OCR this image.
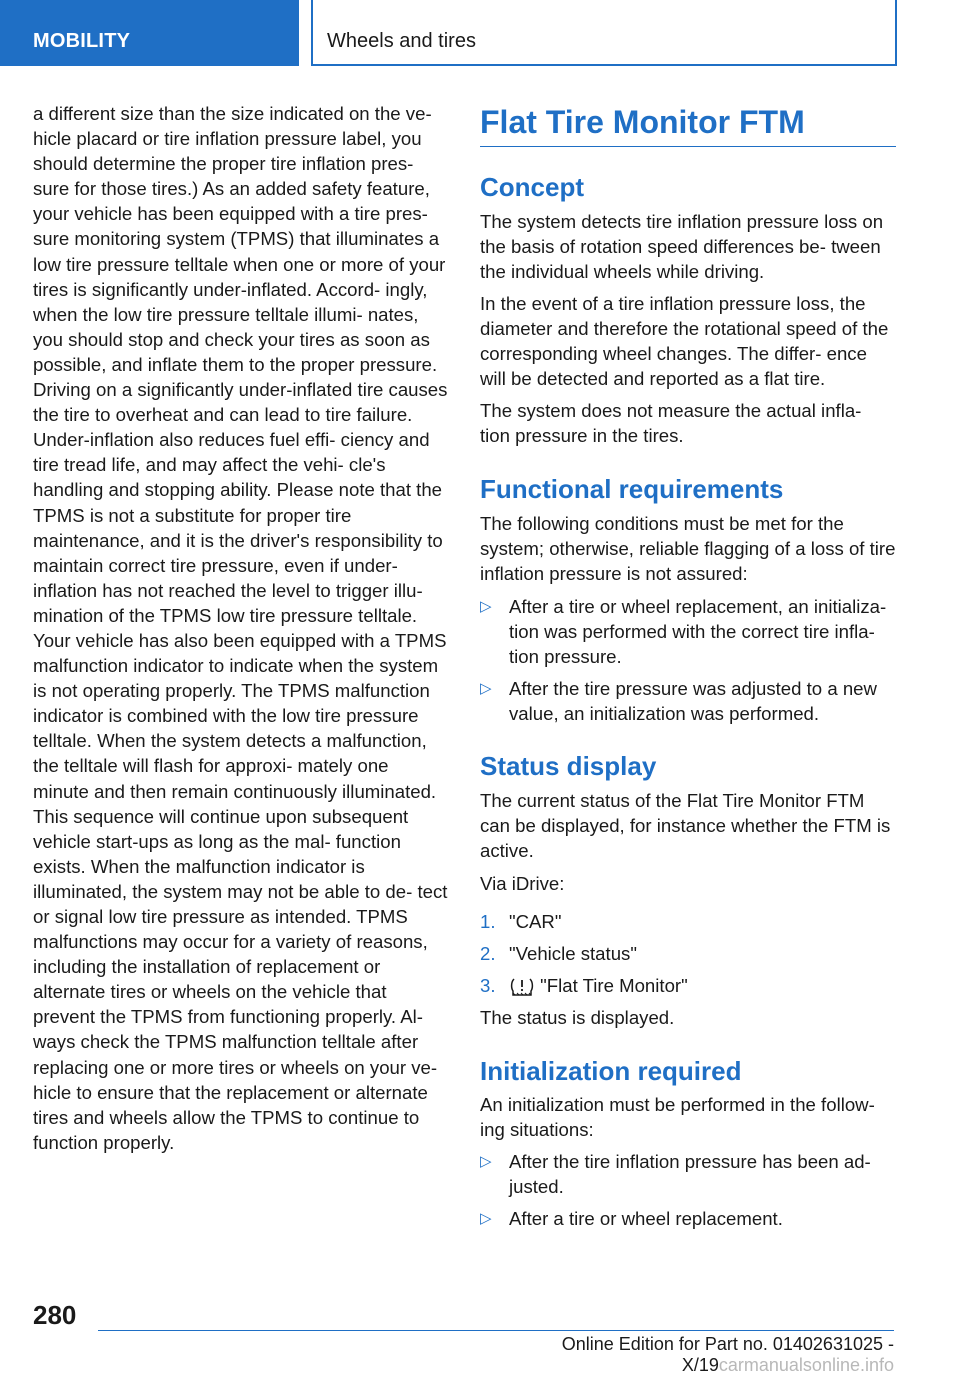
MOBILITY	Wheels and tires

a different size than the size indicated on the ve‐ hicle placard or tire inflation pressure label, you should determine the proper tire inflation pres‐ sure for those tires.) As an added safety feature, your vehicle has been equipped with a tire pres‐ sure monitoring system (TPMS) that illuminates a low tire pressure telltale when one or more of your tires is significantly under-inflated. Accord‐ ingly, when the low tire pressure telltale illumi‐ nates, you should stop and check your tires as soon as possible, and inflate them to the proper pressure. Driving on a significantly under-inflated tire causes the tire to overheat and can lead to tire failure. Under-inflation also reduces fuel effi‐ ciency and tire tread life, and may affect the vehi‐ cle's handling and stopping ability. Please note that the TPMS is not a substitute for proper tire maintenance, and it is the driver's responsibility to maintain correct tire pressure, even if under- inflation has not reached the level to trigger illu‐ mination of the TPMS low tire pressure telltale. Your vehicle has also been equipped with a TPMS malfunction indicator to indicate when the system is not operating properly. The TPMS malfunction indicator is combined with the low tire pressure telltale. When the system detects a malfunction, the telltale will flash for approxi‐ mately one minute and then remain continuously illuminated. This sequence will continue upon subsequent vehicle start-ups as long as the mal‐ function exists. When the malfunction indicator is illuminated, the system may not be able to de‐ tect or signal low tire pressure as intended. TPMS malfunctions may occur for a variety of reasons, including the installation of replacement or alternate tires or wheels on the vehicle that prevent the TPMS from functioning properly. Al‐ ways check the TPMS malfunction telltale after replacing one or more tires or wheels on your ve‐ hicle to ensure that the replacement or alternate tires and wheels allow the TPMS to continue to function properly.

Flat Tire Monitor FTM
Concept

The system detects tire inflation pressure loss on the basis of rotation speed differences be‐ tween the individual wheels while driving.

In the event of a tire inflation pressure loss, the diameter and therefore the rotational speed of the corresponding wheel changes. The differ‐ ence will be detected and reported as a flat tire.

The system does not measure the actual infla‐ tion pressure in the tires.

Functional requirements

The following conditions must be met for the system; otherwise, reliable flagging of a loss of tire inflation pressure is not assured:

▷ After a tire or wheel replacement, an initializa‐ tion was performed with the correct tire infla‐ tion pressure.
▷ After the tire pressure was adjusted to a new value, an initialization was performed.
Status display

The current status of the Flat Tire Monitor FTM can be displayed, for instance whether the FTM is active.

Via iDrive:

1. "CAR"
2. "Vehicle status"
3.	"Flat Tire Monitor"

The status is displayed.

Initialization required

An initialization must be performed in the follow‐ ing situations:

▷ After the tire inflation pressure has been ad‐ justed.
▷ After a tire or wheel replacement.
280
Online Edition for Part no. 01402631025 - X/19carmanualsonline.info
